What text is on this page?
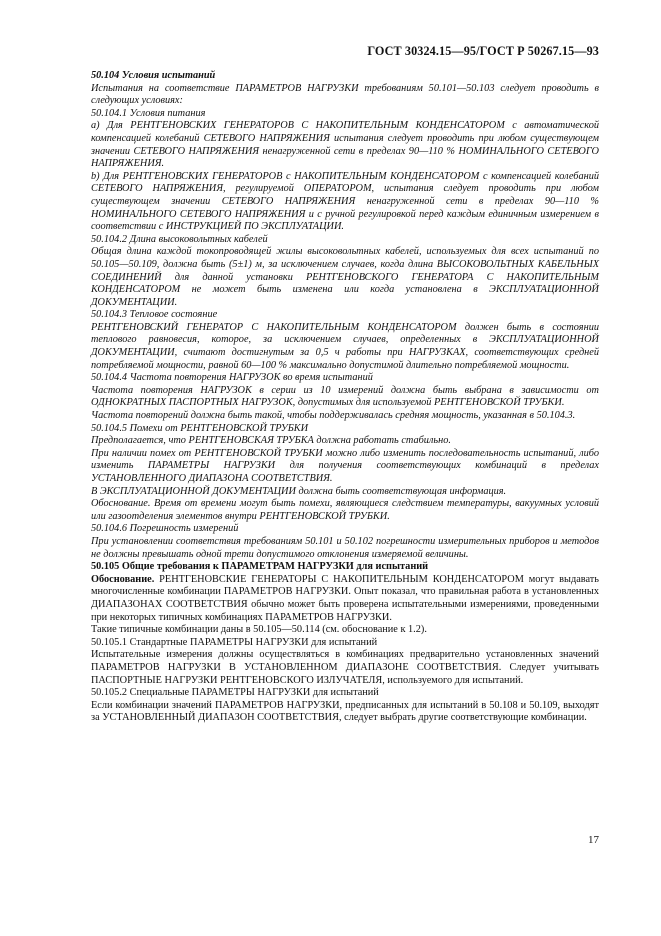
ГОСТ 30324.15—95/ГОСТ Р 50267.15—93

50.104 Условия испытаний

Испытания на соответствие ПАРАМЕТРОВ НАГРУЗКИ требованиям 50.101—50.103 следует проводить в следующих условиях:

50.104.1 Условия питания

a) Для РЕНТГЕНОВСКИХ ГЕНЕРАТОРОВ С НАКОПИТЕЛЬНЫМ КОНДЕНСАТОРОМ с автоматической компенсацией колебаний СЕТЕВОГО НАПРЯЖЕНИЯ испытания следует проводить при любом существующем значении СЕТЕВОГО НАПРЯЖЕНИЯ ненагруженной сети в пределах 90—110 % НОМИНАЛЬНОГО СЕТЕВОГО НАПРЯЖЕНИЯ.

b) Для РЕНТГЕНОВСКИХ ГЕНЕРАТОРОВ с НАКОПИТЕЛЬНЫМ КОНДЕНСАТОРОМ с компенсацией колебаний СЕТЕВОГО НАПРЯЖЕНИЯ, регулируемой ОПЕРАТОРОМ, испытания следует проводить при любом существующем значении СЕТЕВОГО НАПРЯЖЕНИЯ ненагруженной сети в пределах 90—110 % НОМИНАЛЬНОГО СЕТЕВОГО НАПРЯЖЕНИЯ и с ручной регулировкой перед каждым единичным измерением в соответствии с ИНСТРУКЦИЕЙ ПО ЭКСПЛУАТАЦИИ.

50.104.2 Длина высоковольтных кабелей

Общая длина каждой токопроводящей жилы высоковольтных кабелей, используемых для всех испытаний по 50.105—50.109, должна быть (5±1) м, за исключением случаев, когда длина ВЫСОКОВОЛЬТНЫХ КАБЕЛЬНЫХ СОЕДИНЕНИЙ для данной установки РЕНТГЕНОВСКОГО ГЕНЕРАТОРА С НАКОПИТЕЛЬНЫМ КОНДЕНСАТОРОМ не может быть изменена или когда установлена в ЭКСПЛУАТАЦИОННОЙ ДОКУМЕНТАЦИИ.

50.104.3 Тепловое состояние

РЕНТГЕНОВСКИЙ ГЕНЕРАТОР С НАКОПИТЕЛЬНЫМ КОНДЕНСАТОРОМ должен быть в состоянии теплового равновесия, которое, за исключением случаев, определенных в ЭКСПЛУАТАЦИОННОЙ ДОКУМЕНТАЦИИ, считают достигнутым за 0,5 ч работы при НАГРУЗКАХ, соответствующих средней потребляемой мощности, равной 60—100 % максимально допустимой длительно потребляемой мощности.

50.104.4 Частота повторения НАГРУЗОК во время испытаний

Частота повторения НАГРУЗОК в серии из 10 измерений должна быть выбрана в зависимости от ОДНОКРАТНЫХ ПАСПОРТНЫХ НАГРУЗОК, допустимых для используемой РЕНТГЕНОВСКОЙ ТРУБКИ.

Частота повторений должна быть такой, чтобы поддерживалась средняя мощность, указанная в 50.104.3.

50.104.5 Помехи от РЕНТГЕНОВСКОЙ ТРУБКИ

Предполагается, что РЕНТГЕНОВСКАЯ ТРУБКА должна работать стабильно.

При наличии помех от РЕНТГЕНОВСКОЙ ТРУБКИ можно либо изменить последовательность испытаний, либо изменить ПАРАМЕТРЫ НАГРУЗКИ для получения соответствующих комбинаций в пределах УСТАНОВЛЕННОГО ДИАПАЗОНА СООТВЕТСТВИЯ.

В ЭКСПЛУАТАЦИОННОЙ ДОКУМЕНТАЦИИ должна быть соответствующая информация.

Обоснование. Время от времени могут быть помехи, являющиеся следствием температуры, вакуумных условий или газоотделения элементов внутри РЕНТГЕНОВСКОЙ ТРУБКИ.

50.104.6 Погрешность измерений

При установлении соответствия требованиям 50.101 и 50.102 погрешности измерительных приборов и методов не должны превышать одной трети допустимого отклонения измеряемой величины.

50.105 Общие требования к ПАРАМЕТРАМ НАГРУЗКИ для испытаний

Обоснование. РЕНТГЕНОВСКИЕ ГЕНЕРАТОРЫ С НАКОПИТЕЛЬНЫМ КОНДЕНСАТОРОМ могут выдавать многочисленные комбинации ПАРАМЕТРОВ НАГРУЗКИ. Опыт показал, что правильная работа в установленных ДИАПАЗОНАХ СООТВЕТСТВИЯ обычно может быть проверена испытательными измерениями, проведенными при некоторых типичных комбинациях ПАРАМЕТРОВ НАГРУЗКИ.

Такие типичные комбинации даны в 50.105—50.114 (см. обоснование к 1.2).

50.105.1 Стандартные ПАРАМЕТРЫ НАГРУЗКИ для испытаний

Испытательные измерения должны осуществляться в комбинациях предварительно установленных значений ПАРАМЕТРОВ НАГРУЗКИ В УСТАНОВЛЕННОМ ДИАПАЗОНЕ СООТВЕТСТВИЯ. Следует учитывать ПАСПОРТНЫЕ НАГРУЗКИ РЕНТГЕНОВСКОГО ИЗЛУЧАТЕЛЯ, используемого для испытаний.

50.105.2 Специальные ПАРАМЕТРЫ НАГРУЗКИ для испытаний

Если комбинации значений ПАРАМЕТРОВ НАГРУЗКИ, предписанных для испытаний в 50.108 и 50.109, выходят за УСТАНОВЛЕННЫЙ ДИАПАЗОН СООТВЕТСТВИЯ, следует выбрать другие соответствующие комбинации.

17
